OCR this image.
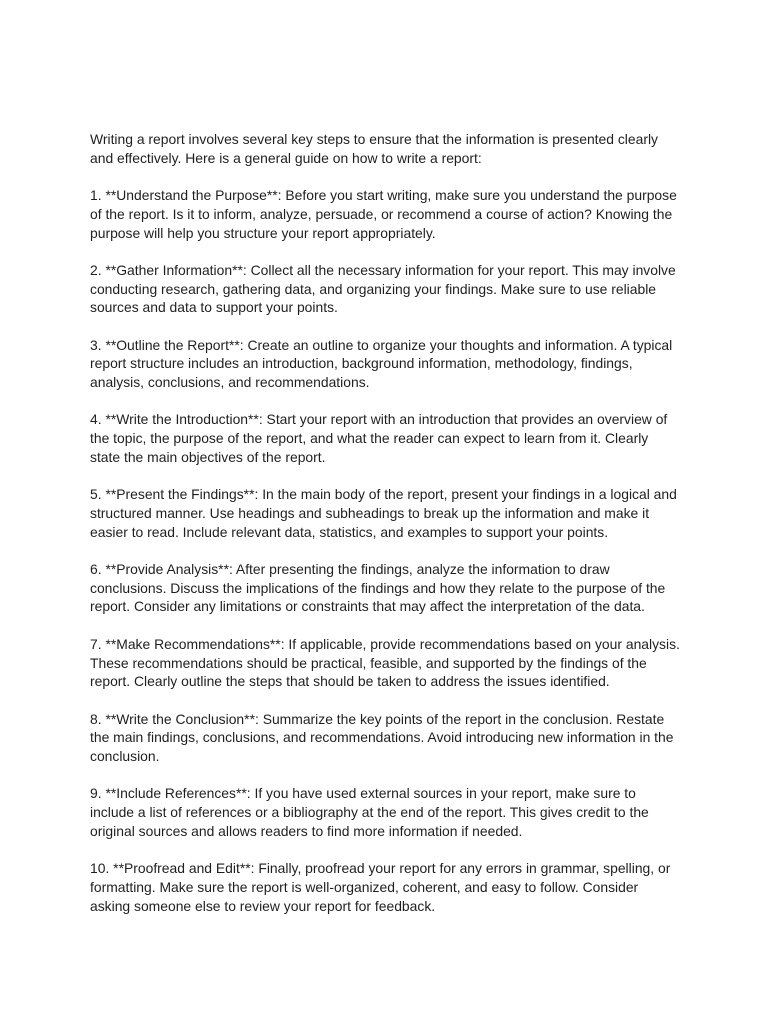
Writing a report involves several key steps to ensure that the information is presented clearly and effectively. Here is a general guide on how to write a report:

1. **Understand the Purpose**: Before you start writing, make sure you understand the purpose of the report. Is it to inform, analyze, persuade, or recommend a course of action? Knowing the purpose will help you structure your report appropriately.

2. **Gather Information**: Collect all the necessary information for your report. This may involve conducting research, gathering data, and organizing your findings. Make sure to use reliable sources and data to support your points.

3. **Outline the Report**: Create an outline to organize your thoughts and information. A typical report structure includes an introduction, background information, methodology, findings, analysis, conclusions, and recommendations.

4. **Write the Introduction**: Start your report with an introduction that provides an overview of the topic, the purpose of the report, and what the reader can expect to learn from it. Clearly state the main objectives of the report.

5. **Present the Findings**: In the main body of the report, present your findings in a logical and structured manner. Use headings and subheadings to break up the information and make it easier to read. Include relevant data, statistics, and examples to support your points.

6. **Provide Analysis**: After presenting the findings, analyze the information to draw conclusions. Discuss the implications of the findings and how they relate to the purpose of the report. Consider any limitations or constraints that may affect the interpretation of the data.

7. **Make Recommendations**: If applicable, provide recommendations based on your analysis. These recommendations should be practical, feasible, and supported by the findings of the report. Clearly outline the steps that should be taken to address the issues identified.

8. **Write the Conclusion**: Summarize the key points of the report in the conclusion. Restate the main findings, conclusions, and recommendations. Avoid introducing new information in the conclusion.

9. **Include References**: If you have used external sources in your report, make sure to include a list of references or a bibliography at the end of the report. This gives credit to the original sources and allows readers to find more information if needed.

10. **Proofread and Edit**: Finally, proofread your report for any errors in grammar, spelling, or formatting. Make sure the report is well-organized, coherent, and easy to follow. Consider asking someone else to review your report for feedback.
